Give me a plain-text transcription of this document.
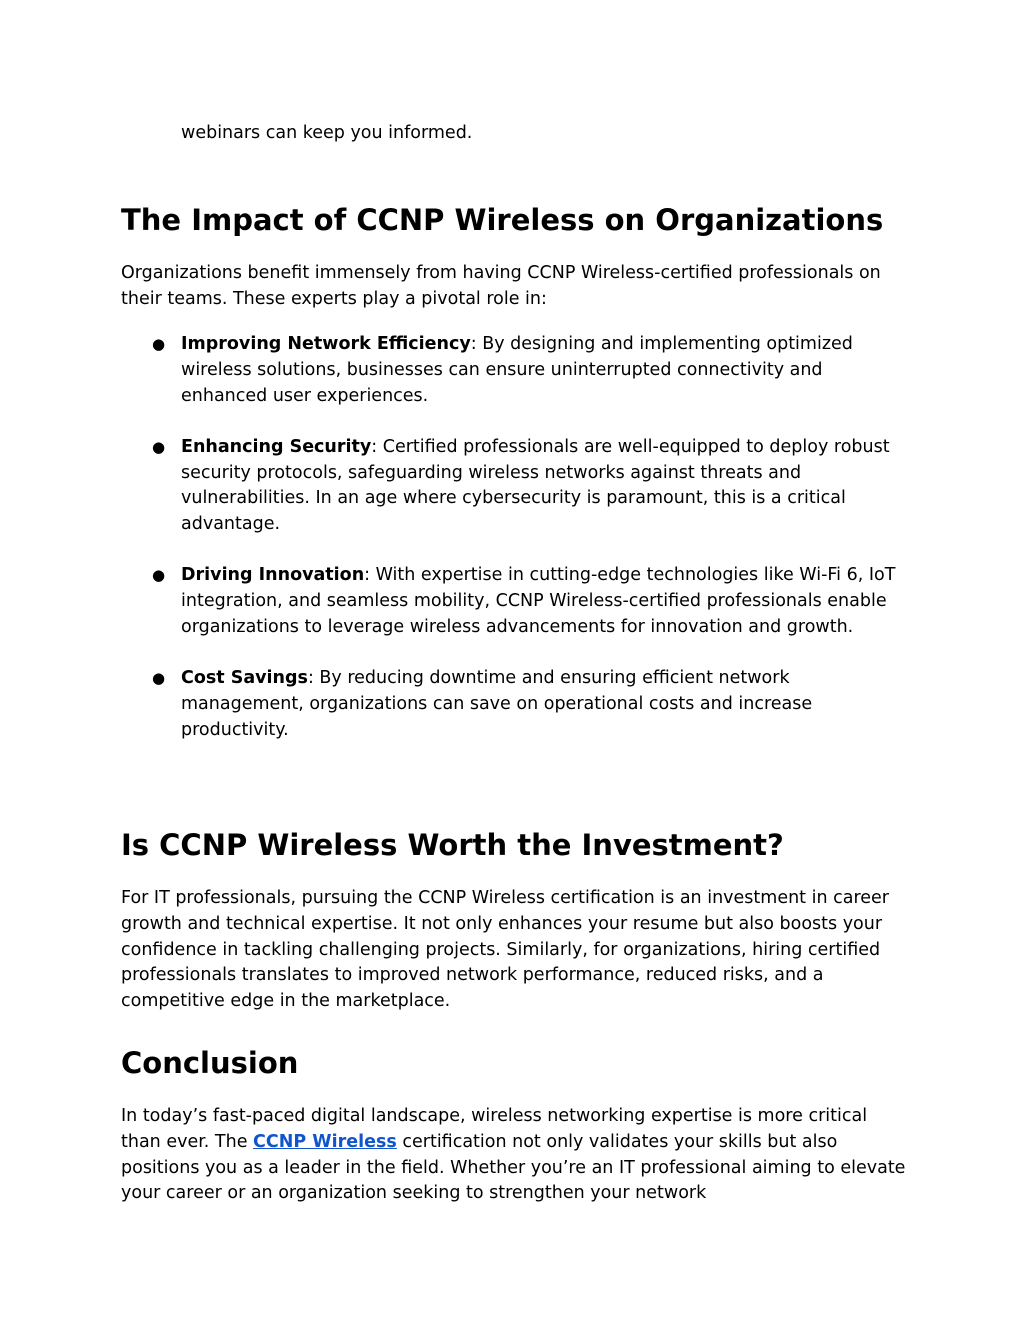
webinars can keep you informed.

The Impact of CCNP Wireless on Organizations

Organizations benefit immensely from having CCNP Wireless-certified professionals on their teams. These experts play a pivotal role in:

● Improving Network Efficiency: By designing and implementing optimized wireless solutions, businesses can ensure uninterrupted connectivity and enhanced user experiences.
● Enhancing Security: Certified professionals are well-equipped to deploy robust security protocols, safeguarding wireless networks against threats and vulnerabilities. In an age where cybersecurity is paramount, this is a critical advantage.
● Driving Innovation: With expertise in cutting-edge technologies like Wi-Fi 6, IoT integration, and seamless mobility, CCNP Wireless-certified professionals enable organizations to leverage wireless advancements for innovation and growth.
● Cost Savings: By reducing downtime and ensuring efficient network management, organizations can save on operational costs and increase productivity.
Is CCNP Wireless Worth the Investment?

For IT professionals, pursuing the CCNP Wireless certification is an investment in career growth and technical expertise. It not only enhances your resume but also boosts your confidence in tackling challenging projects. Similarly, for organizations, hiring certified professionals translates to improved network performance, reduced risks, and a competitive edge in the marketplace.

Conclusion

In today’s fast-paced digital landscape, wireless networking expertise is more critical than ever. The CCNP Wireless certification not only validates your skills but also positions you as a leader in the field. Whether you’re an IT professional aiming to elevate your career or an organization seeking to strengthen your network
